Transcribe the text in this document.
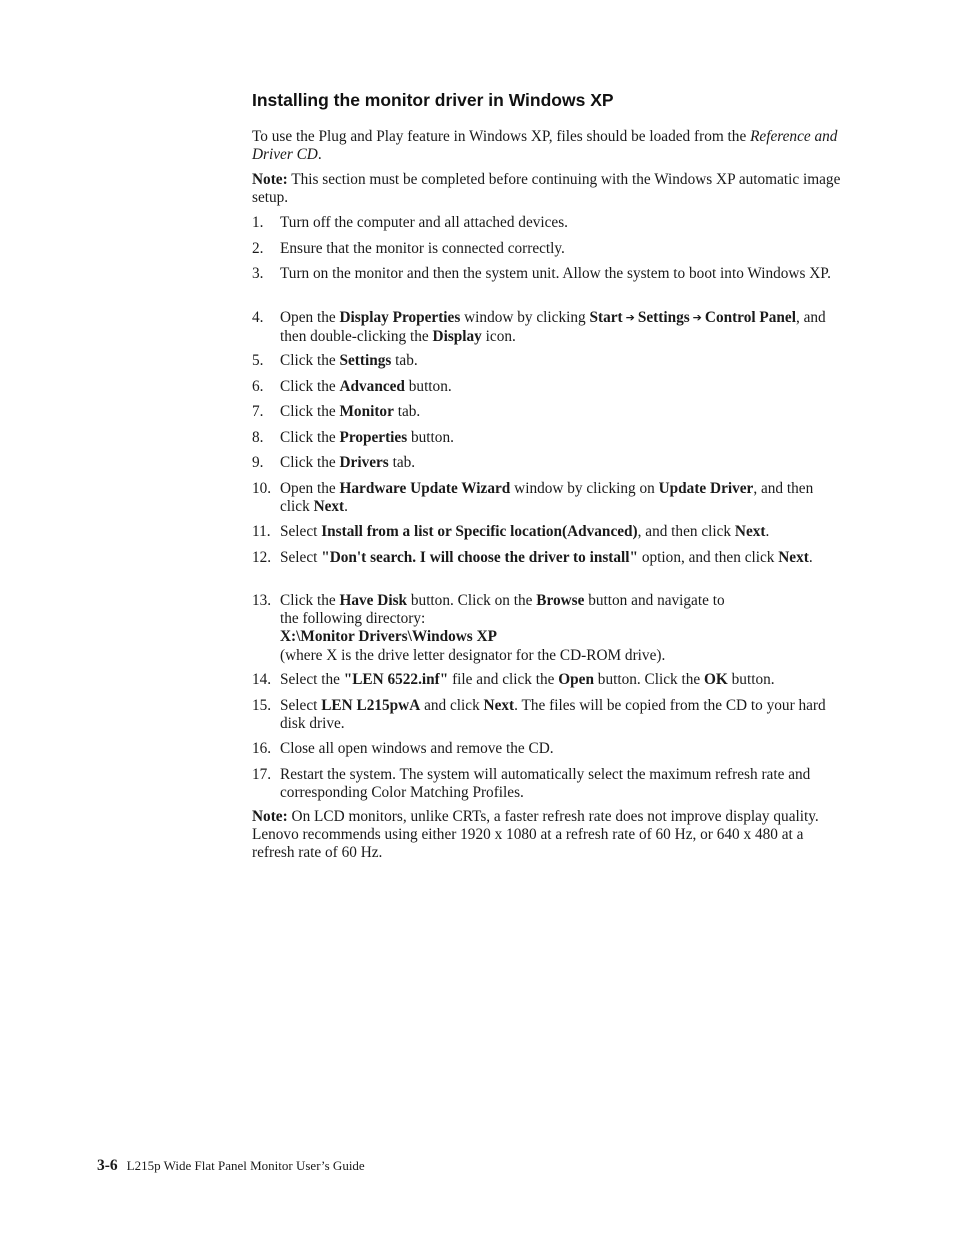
Installing the monitor driver in Windows XP

To use the Plug and Play feature in Windows XP, files should be loaded from the Reference and Driver CD.

Note: This section must be completed before continuing with the Windows XP automatic image setup.

1.	Turn off the computer and all attached devices.
2.	Ensure that the monitor is connected correctly.
3.	Turn on the monitor and then the system unit. Allow the system to boot into Windows XP.
4.	Open the Display Properties window by clicking Start ➔ Settings ➔ Control Panel, and then double-clicking the Display icon.
5.	Click the Settings tab.
6.	Click the Advanced button.
7.	Click the Monitor tab.
8.	Click the Properties button.
9.	Click the Drivers tab.
10. Open the Hardware Update Wizard window by clicking on Update Driver, and then click Next.
11. Select Install from a list or Specific location(Advanced), and then click Next.
12. Select "Don't search. I will choose the driver to install" option, and then click Next.
13. Click the Have Disk button. Click on the Browse button and navigate to
the following directory:
X:\Monitor Drivers\Windows XP
(where X is the drive letter designator for the CD-ROM drive).
14. Select the "LEN 6522.inf" file and click the Open button. Click the OK button.
15. Select LEN L215pwA and click Next. The files will be copied from the CD to your hard disk drive.
16. Close all open windows and remove the CD.
17. Restart the system. The system will automatically select the maximum refresh rate and corresponding Color Matching Profiles.

Note: On LCD monitors, unlike CRTs, a faster refresh rate does not improve display quality. Lenovo recommends using either 1920 x 1080 at a refresh rate of 60 Hz, or 640 x 480 at a refresh rate of 60 Hz.

3-6 L215p Wide Flat Panel Monitor User’s Guide
